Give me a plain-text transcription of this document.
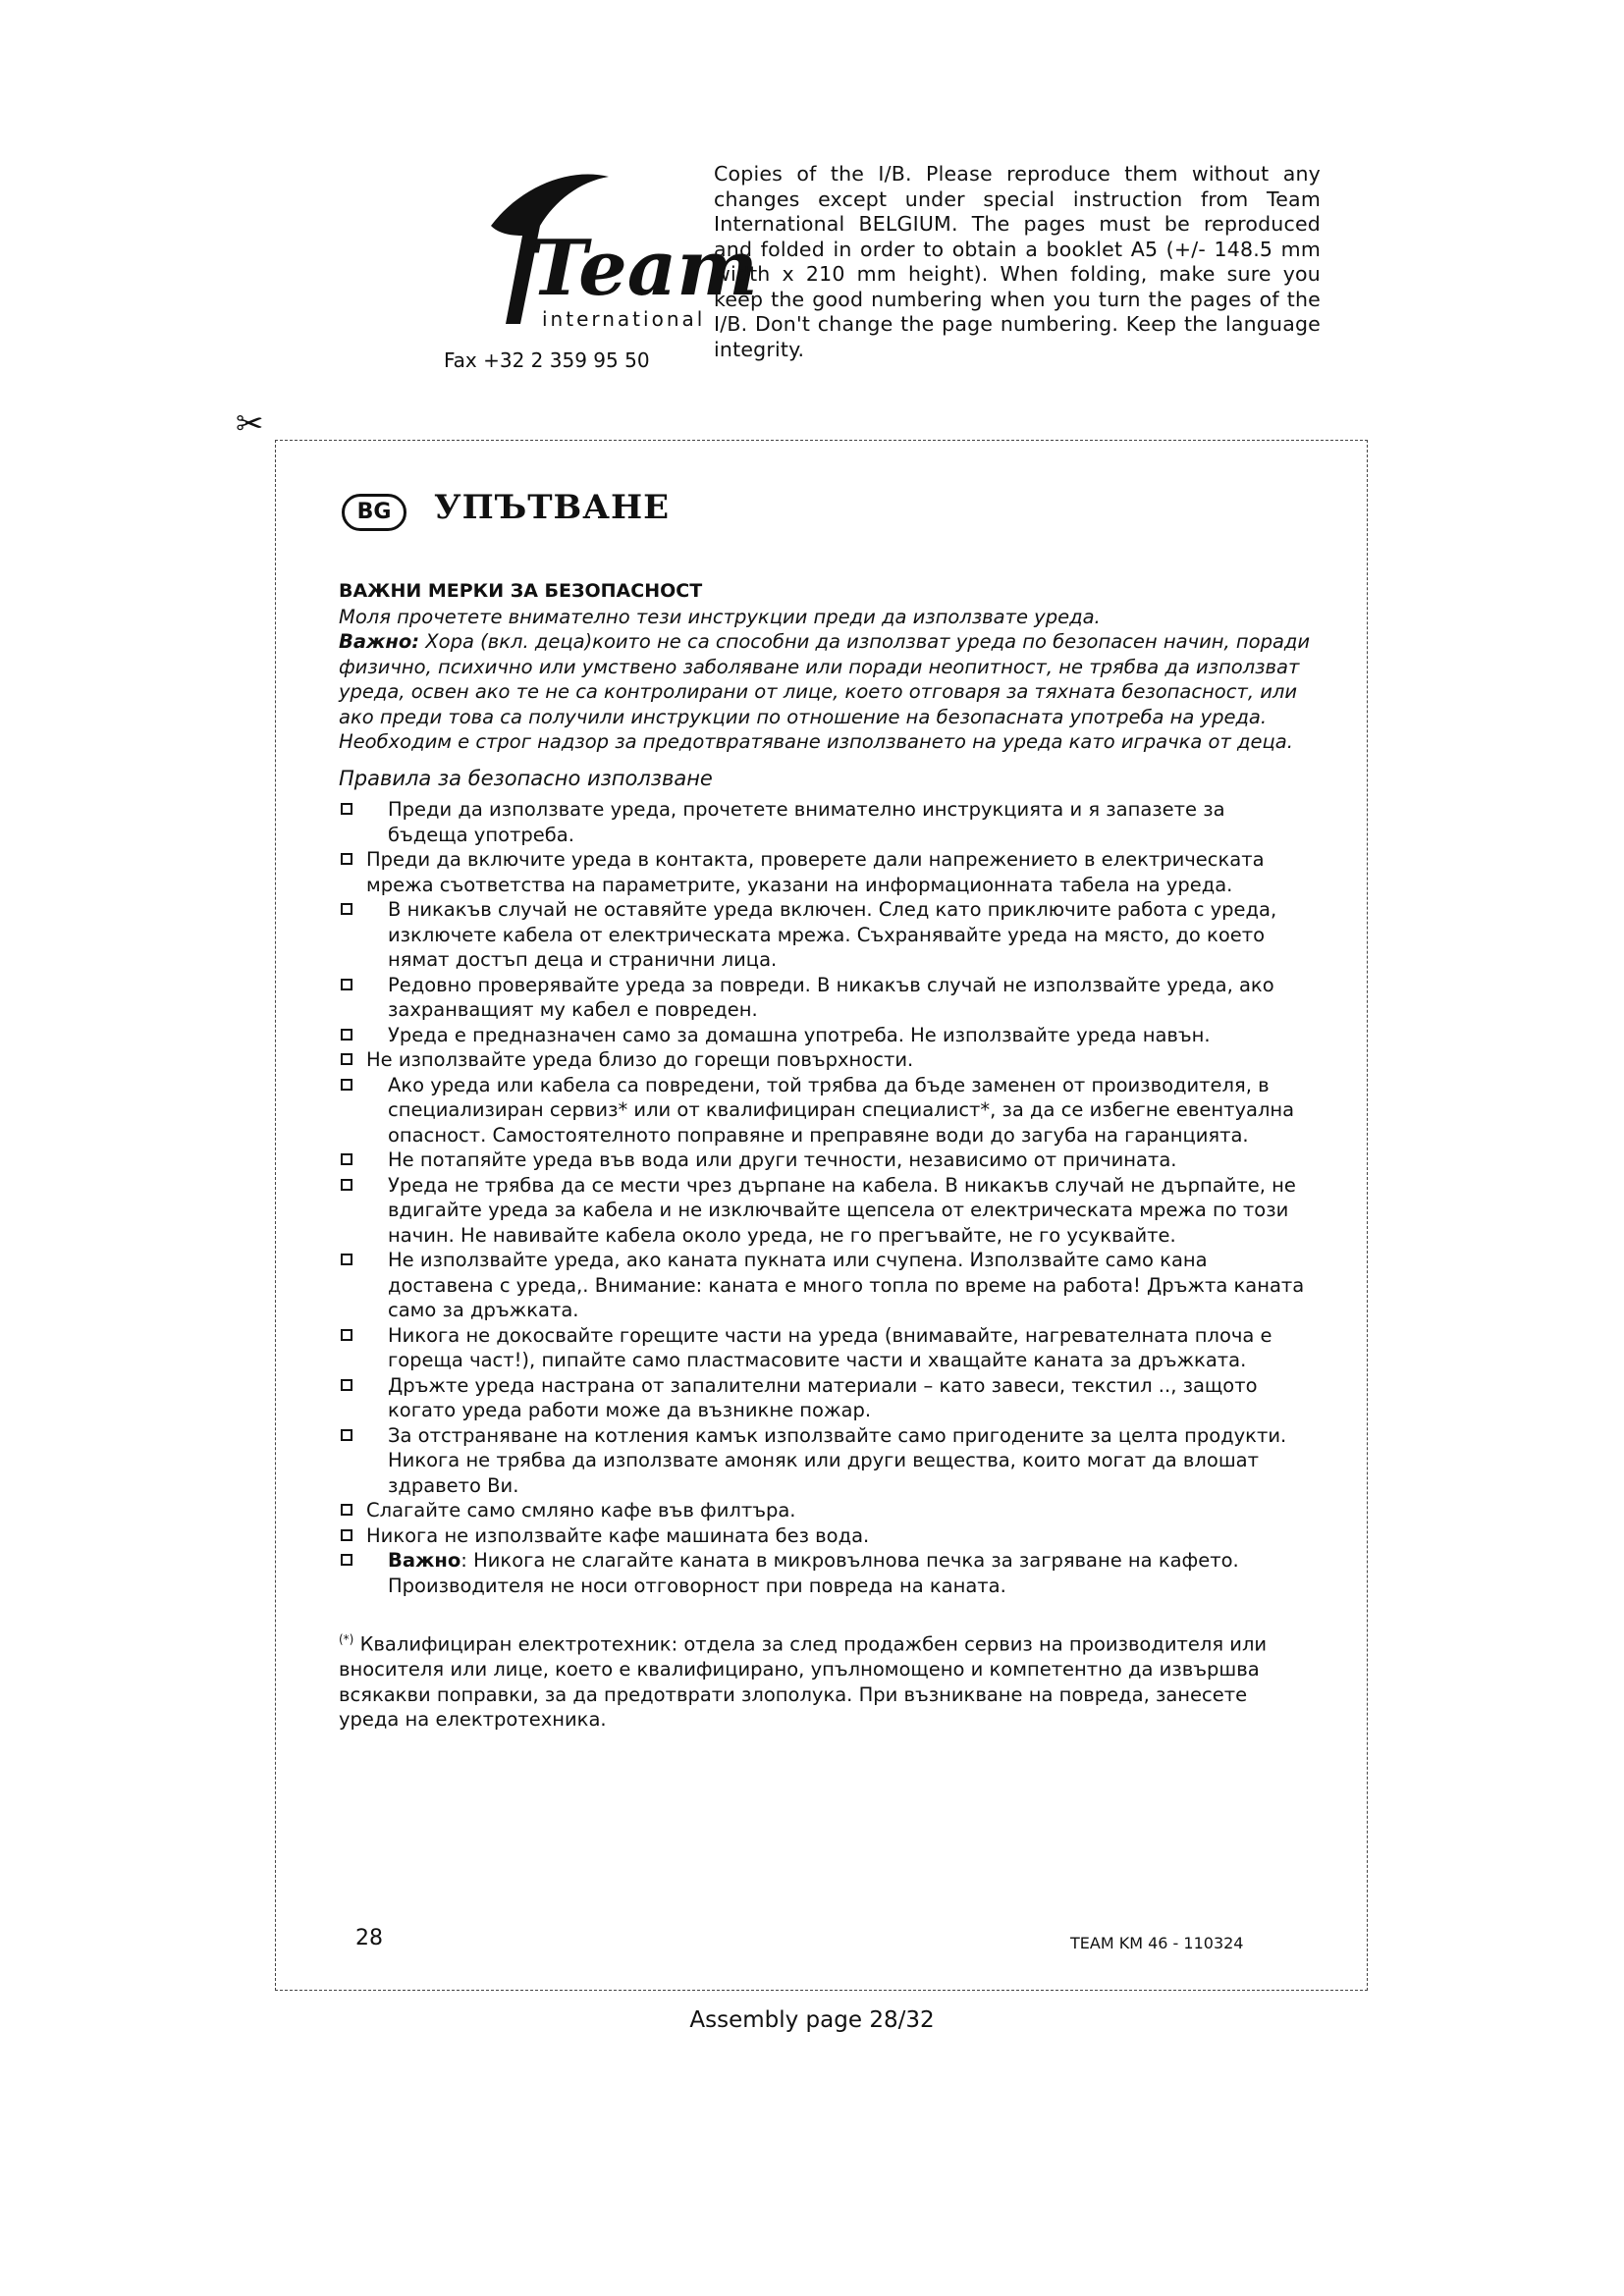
Team
international
Fax +32 2 359 95 50
Copies of the I/B. Please reproduce them without any changes except under special instruction from Team International BELGIUM. The pages must be reproduced and folded in order to obtain a booklet A5 (+/- 148.5 mm width x 210 mm height). When folding, make sure you keep the good numbering when you turn the pages of the I/B. Don't change the page numbering. Keep the language integrity.
✂
BG	УПЪТВАНЕ

ВАЖНИ МЕРКИ ЗА БЕЗОПАСНОСТ

Моля прочетете внимателно тези инструкции преди да използвате уреда.

Важно: Хора (вкл. деца)които не са способни да използват уреда по безопасен начин, поради физично, психично или умствено заболяване или поради неопитност, не трябва да използват уреда, освен ако те не са контролирани от лице, което отговаря за тяхната безопасност, или ако преди това са получили инструкции по отношение на безопасната употреба на уреда.

Необходим е строг надзор за предотвратяване използването на уреда като играчка от деца.

Правила за безопасно използване

Преди да използвате уреда, прочетете внимателно инструкцията и я запазете за бъдеща употреба.
Преди да включите уреда в контакта, проверете дали напрежението в електрическата мрежа съответства на параметрите, указани на информационната табела на уреда.
В никакъв случай не оставяйте уреда включен. След като приключите работа с уреда, изключете кабела от електрическата мрежа. Съхранявайте уреда на място, до което нямат достъп деца и странични лица.
Редовно проверявайте уреда за повреди. В никакъв случай не използвайте уреда, ако захранващият му кабел е повреден.
Уреда е предназначен само за домашна употреба. Не използвайте уреда навън.
Не използвайте уреда близо до горещи повърхности.
Ако уреда или кабела са повредени, той трябва да бъде заменен от производителя, в специализиран сервиз* или от квалифициран специалист*, за да се избегне евентуална опасност. Самостоятелното поправяне и преправяне води до загуба на гаранцията.
Не потапяйте уреда във вода или други течности, независимо от причината.
Уреда не трябва да се мести чрез дърпане на кабела. В никакъв случай не дърпайте, не вдигайте уреда за кабела и не изключвайте щепсела от електрическата мрежа по този начин. Не навивайте кабела около уреда, не го прегъвайте, не го усуквайте.
Не използвайте уреда, ако каната пукната или счупена. Използвайте само кана доставена с уреда,. Внимание: каната е много топла по време на работа! Дръжта каната само за дръжката.
Никога не докосвайте горещите части на уреда (внимавайте, нагревателната плоча е гореща част!), пипайте само пластмасовите части и хващайте каната за дръжката.
Дръжте уреда настрана от запалителни материали – като завеси, текстил .., защото когато уреда работи може да възникне пожар.
За отстраняване на котления камък използвайте само пригодените за целта продукти. Никога не трябва да използвате амоняк или други вещества, които могат да влошат здравето Ви.
Слагайте само смляно кафе във филтъра.
Никога не използвайте кафе машината без вода.
Важно: Никога не слагайте каната в микровълнова печка за загряване на кафето. Производителя не носи отговорност при повреда на каната.

(*) Квалифициран електротехник: отдела за след продажбен сервиз на производителя или вносителя или лице, което е квалифицирано, упълномощено и компетентно да извършва всякакви поправки, за да предотврати злополука. При възникване на повреда, занесете уреда на електротехника.

28	TEAM KM 46 - 110324
Assembly page 28/32
